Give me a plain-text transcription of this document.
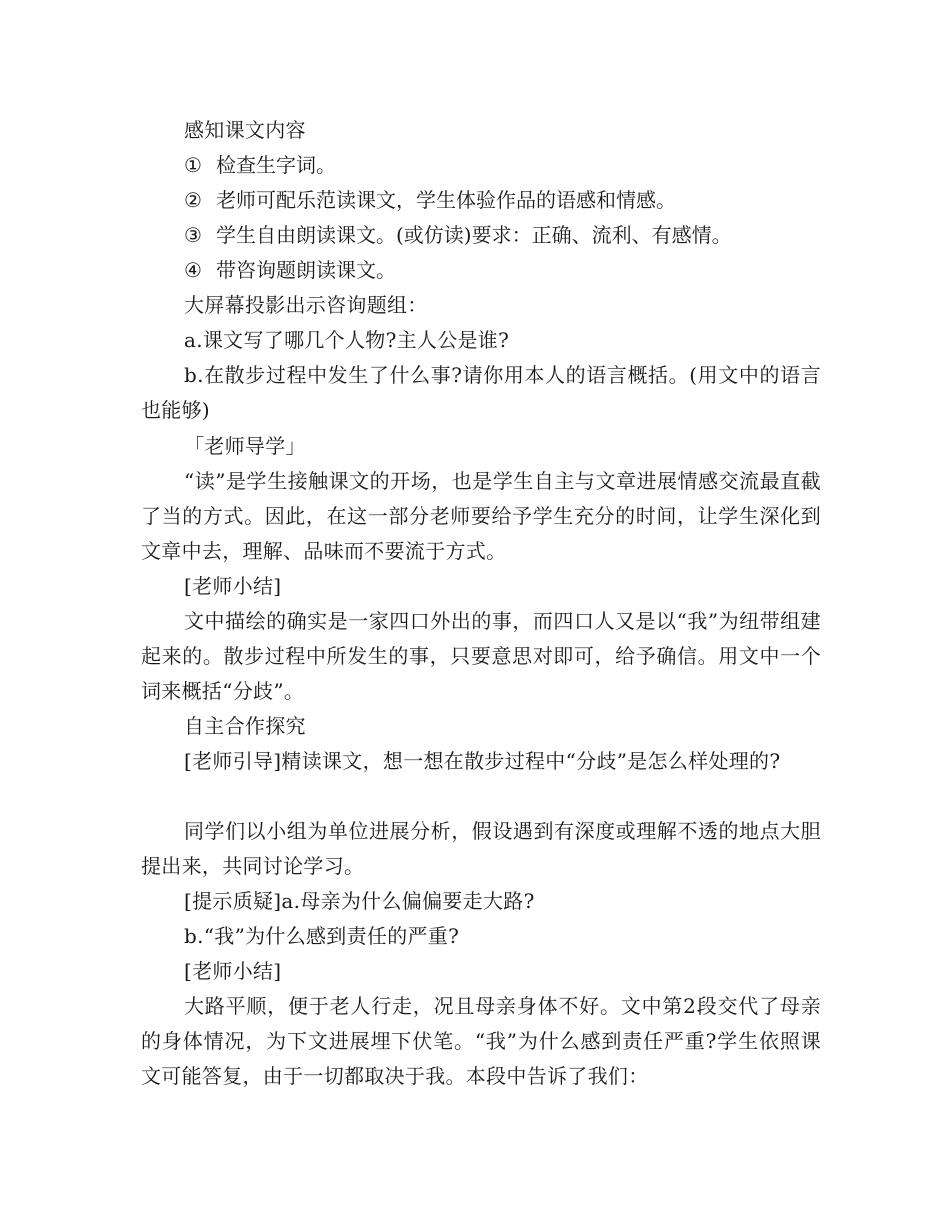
感知课文内容

① 检查生字词。
② 老师可配乐范读课文，学生体验作品的语感和情感。
③ 学生自由朗读课文。(或仿读)要求：正确、流利、有感情。
④ 带咨询题朗读课文。

大屏幕投影出示咨询题组：

a.课文写了哪几个人物?主人公是谁?

b.在散步过程中发生了什么事?请你用本人的语言概括。(用文中的语言也能够)

「老师导学」

“读”是学生接触课文的开场，也是学生自主与文章进展情感交流最直截了当的方式。因此，在这一部分老师要给予学生充分的时间，让学生深化到文章中去，理解、品味而不要流于方式。

[老师小结]

文中描绘的确实是一家四口外出的事，而四口人又是以“我”为纽带组建起来的。散步过程中所发生的事，只要意思对即可，给予确信。用文中一个词来概括“分歧”。

自主合作探究

[老师引导]精读课文，想一想在散步过程中“分歧”是怎么样处理的?

同学们以小组为单位进展分析，假设遇到有深度或理解不透的地点大胆提出来，共同讨论学习。

[提示质疑]a.母亲为什么偏偏要走大路?

b.“我”为什么感到责任的严重?

[老师小结]

大路平顺，便于老人行走，况且母亲身体不好。文中第2段交代了母亲的身体情况，为下文进展埋下伏笔。“我”为什么感到责任严重?学生依照课文可能答复，由于一切都取决于我。本段中告诉了我们：
